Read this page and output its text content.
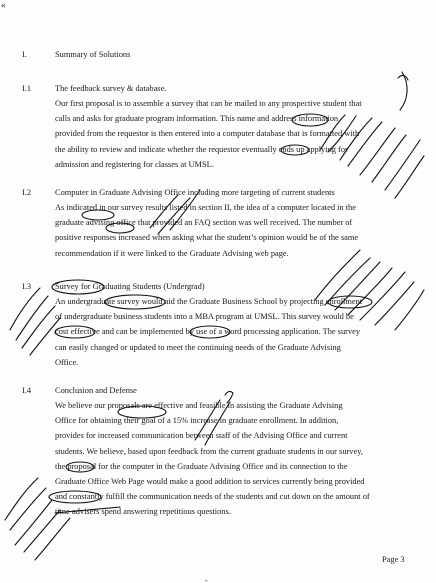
«
I.	Summary of Solutions
I.1	The feedback survey & database.
Our first proposal is to assemble a survey that can be mailed to any prospective student that
calls and asks for graduate program information. This name and address information
provided from the requestor is then entered into a computer database that is formatted with
the ability to review and indicate whether the requestor eventually ends up applying for
admission and registering for classes at UMSL.
I.2	Computer in Graduate Advising Office including more targeting of current students
As indicated in our survey results listed in section II, the idea of a computer located in the
graduate advising office that provided an FAQ section was well received. The number of
positive responses increased when asking what the student’s opinion would be of the same
recommendation if it were linked to the Graduate Advising web page.
I.3	Survey for Graduating Students (Undergrad)
An undergraduate survey would aid the Graduate Business School by projecting enrollment
of undergraduate business students into a MBA program at UMSL. This survey would be
cost effective and can be implemented by use of a word processing application. The survey
can easily changed or updated to meet the continuing needs of the Graduate Advising
Office.
I.4	Conclusion and Defense
We believe our proposals are effective and feasible in assisting the Graduate Advising
Office for obtaining their goal of a 15% increase in graduate enrollment. In addition,
provides for increased communication between staff of the Advising Office and current
students. We believe, based upon feedback from the current graduate students in our survey,
the proposal for the computer in the Graduate Advising Office and its connection to the
Graduate Office Web Page would make a good addition to services currently being provided
and constantly fulfill the communication needs of the students and cut down on the amount of
time advisers spend answering repetitious questions.
Page 3
-
